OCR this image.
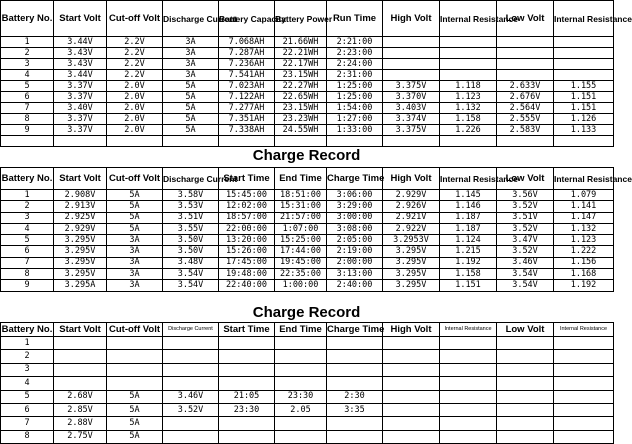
Battery No.	Start Volt	Cut-off Volt	Discharge Current	Battery Capacity	Battery Power	Run Time	High Volt	Internal Resistance	Low Volt	Internal Resistance
1	3.44V	2.2V	3A	7.068AH	21.66WH	2:21:00				
2	3.43V	2.2V	3A	7.287AH	22.21WH	2:23:00				
3	3.43V	2.2V	3A	7.236AH	22.17WH	2:24:00				
4	3.44V	2.2V	3A	7.541AH	23.15WH	2:31:00				
5	3.37V	2.0V	5A	7.023AH	22.27WH	1:25:00	3.375V	1.118	2.633V	1.155
6	3.37V	2.0V	5A	7.122AH	22.65WH	1:25:00	3.370V	1.123	2.676V	1.151
7	3.40V	2.0V	5A	7.277AH	23.15WH	1:54:00	3.403V	1.132	2.564V	1.151
8	3.37V	2.0V	5A	7.351AH	23.23WH	1:27:00	3.374V	1.158	2.555V	1.126
9	3.37V	2.0V	5A	7.338AH	24.55WH	1:33:00	3.375V	1.226	2.583V	1.133

Charge Record
Battery No.	Start Volt	Cut-off Volt	Discharge Current	Start Time	End Time	Charge Time	High Volt	Internal Resistance	Low Volt	Internal Resistance
1	2.908V	5A	3.58V	15:45:00	18:51:00	3:06:00	2.929V	1.145	3.56V	1.079
2	2.913V	5A	3.53V	12:02:00	15:31:00	3:29:00	2.926V	1.146	3.52V	1.141
3	2.925V	5A	3.51V	18:57:00	21:57:00	3:00:00	2.921V	1.187	3.51V	1.147
4	2.929V	5A	3.55V	22:00:00	1:07:00	3:08:00	2.922V	1.187	3.52V	1.132
5	3.295V	3A	3.50V	13:20:00	15:25:00	2:05:00	3.2953V	1.124	3.47V	1.123
6	3.295V	3A	3.50V	15:26:00	17:44:00	2:19:00	3.295V	1.215	3.52V	1.222
7	3.295V	3A	3.48V	17:45:00	19:45:00	2:00:00	3.295V	1.192	3.46V	1.156
8	3.295V	3A	3.54V	19:48:00	22:35:00	3:13:00	3.295V	1.158	3.54V	1.168
9	3.295A	3A	3.54V	22:40:00	1:00:00	2:40:00	3.295V	1.151	3.54V	1.192
Charge Record
Battery No.	Start Volt	Cut-off Volt	Discharge Current	Start Time	End Time	Charge Time	High Volt	Internal Resistance	Low Volt	Internal Resistance
1										
2										
3										
4										
5	2.68V	5A	3.46V	21:05	23:30	2:30				
6	2.85V	5A	3.52V	23:30	2.05	3:35				
7	2.88V	5A								
8	2.75V	5A								
